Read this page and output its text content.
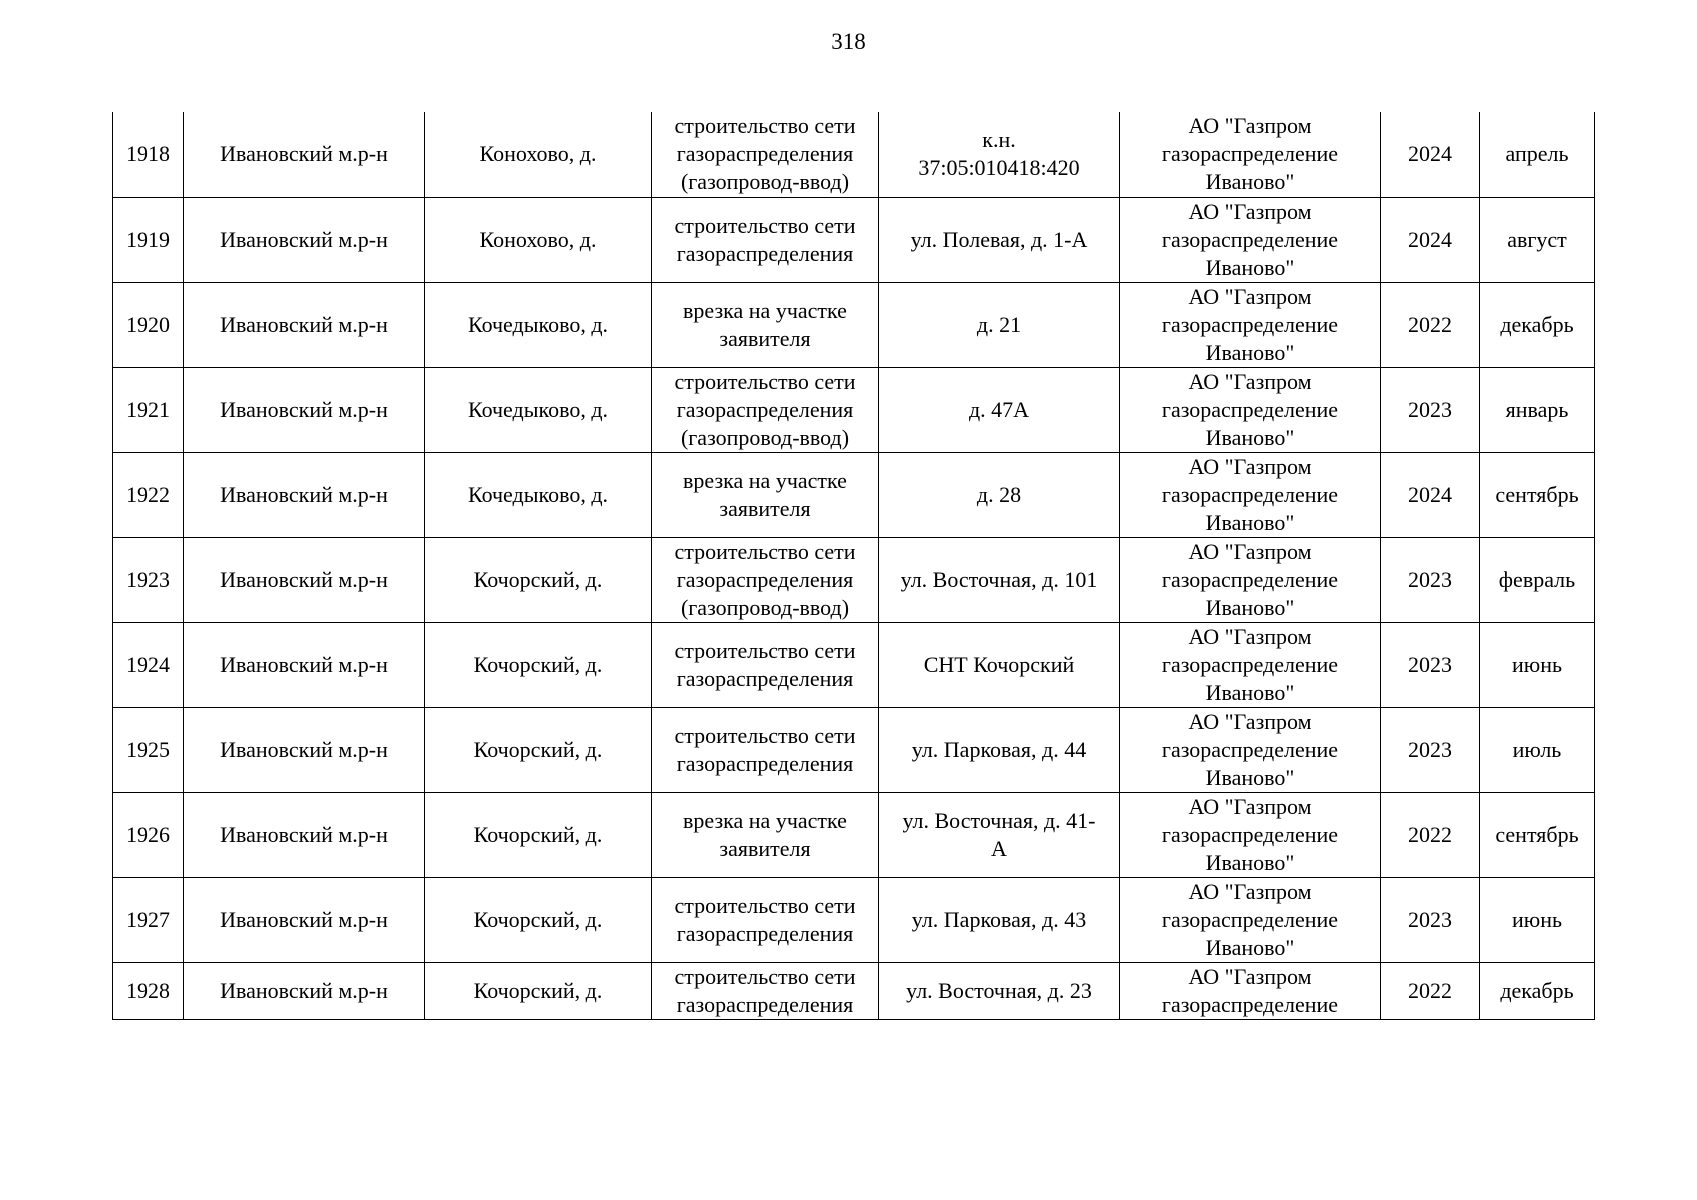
318
1918	Ивановский м.р-н	Конохово, д.	строительство сети
газораспределения
(газопровод-ввод)	к.н.
37:05:010418:420	АО "Газпром
газораспределение
Иваново"	2024	апрель

1919	Ивановский м.р-н	Конохово, д.	строительство сети
газораспределения	ул. Полевая, д. 1-А	АО "Газпром
газораспределение
Иваново"	2024	август

1920	Ивановский м.р-н	Кочедыково, д.	врезка на участке
заявителя	д. 21	АО "Газпром
газораспределение
Иваново"	2022	декабрь

1921	Ивановский м.р-н	Кочедыково, д.	строительство сети
газораспределения
(газопровод-ввод)	д. 47А	АО "Газпром
газораспределение
Иваново"	2023	январь

1922	Ивановский м.р-н	Кочедыково, д.	врезка на участке
заявителя	д. 28	АО "Газпром
газораспределение
Иваново"	2024	сентябрь

1923	Ивановский м.р-н	Кочорский, д.	строительство сети
газораспределения
(газопровод-ввод)	ул. Восточная, д. 101	АО "Газпром
газораспределение
Иваново"	2023	февраль

1924	Ивановский м.р-н	Кочорский, д.	строительство сети
газораспределения	СНТ Кочорский	АО "Газпром
газораспределение
Иваново"	2023	июнь

1925	Ивановский м.р-н	Кочорский, д.	строительство сети
газораспределения	ул. Парковая, д. 44	АО "Газпром
газораспределение
Иваново"	2023	июль

1926	Ивановский м.р-н	Кочорский, д.	врезка на участке
заявителя	ул. Восточная, д. 41-
А	АО "Газпром
газораспределение
Иваново"	2022	сентябрь

1927	Ивановский м.р-н	Кочорский, д.	строительство сети
газораспределения	ул. Парковая, д. 43	АО "Газпром
газораспределение
Иваново"	2023	июнь

1928	Ивановский м.р-н	Кочорский, д.	строительство сети
газораспределения	ул. Восточная, д. 23	АО "Газпром
газораспределение	2022	декабрь
